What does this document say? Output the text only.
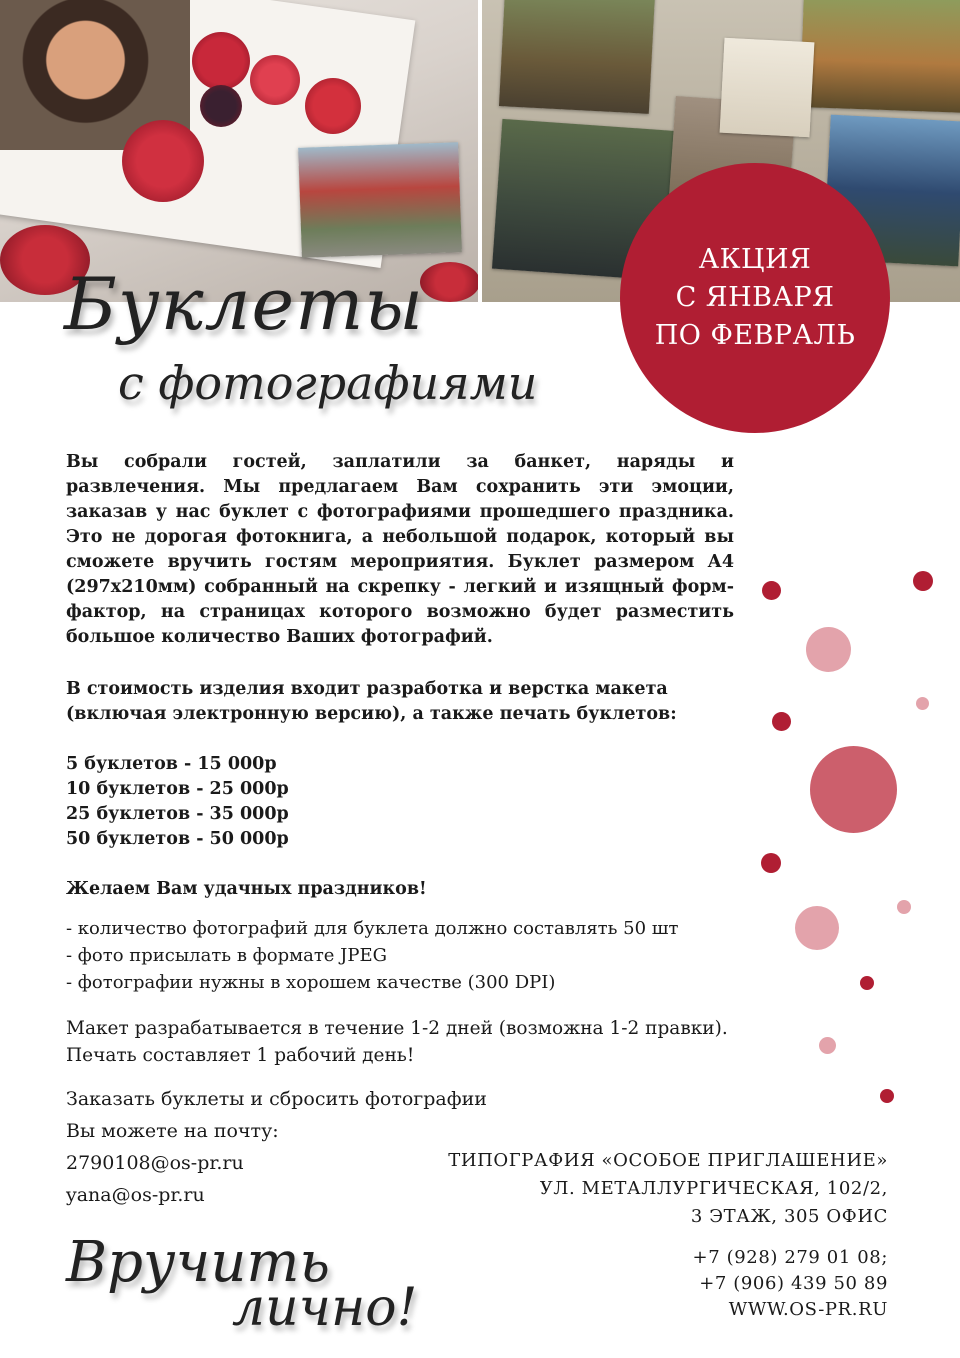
АКЦИЯ
С ЯНВАРЯ
ПО ФЕВРАЛЬ
Буклеты
с фотографиями
Вы собрали гостей, заплатили за банкет, наряды и развлечения. Мы предлагаем Вам сохранить эти эмоции, заказав у нас буклет с фотографиями прошедшего праздника. Это не дорогая фотокнига, а небольшой подарок, который вы сможете вручить гостям мероприятия. Буклет размером А4 (297х210мм) собранный на скрепку - легкий и изящный форм-фактор, на страницах которого возможно будет разместить большое количество Ваших фотографий.
В стоимость изделия входит разработка и верстка макета (включая электронную версию), а также печать буклетов:
5 буклетов - 15 000р
10 буклетов - 25 000р
25 буклетов - 35 000р
50 буклетов - 50 000р
Желаем Вам удачных праздников!
- количество фотографий для буклета должно составлять 50 шт
- фото присылать в формате JPEG
- фотографии нужны в хорошем качестве (300 DPI)
Макет разрабатывается в течение 1-2 дней (возможна 1-2 правки).
Печать составляет 1 рабочий день!
Заказать буклеты и сбросить фотографии
Вы можете на почту:
2790108@os-pr.ru
yana@os-pr.ru
ТИПОГРАФИЯ «ОСОБОЕ ПРИГЛАШЕНИЕ»
УЛ. МЕТАЛЛУРГИЧЕСКАЯ, 102/2,
3 ЭТАЖ, 305 ОФИС
+7 (928) 279 01 08;
+7 (906) 439 50 89
WWW.OS-PR.RU
Вручить
лично!
